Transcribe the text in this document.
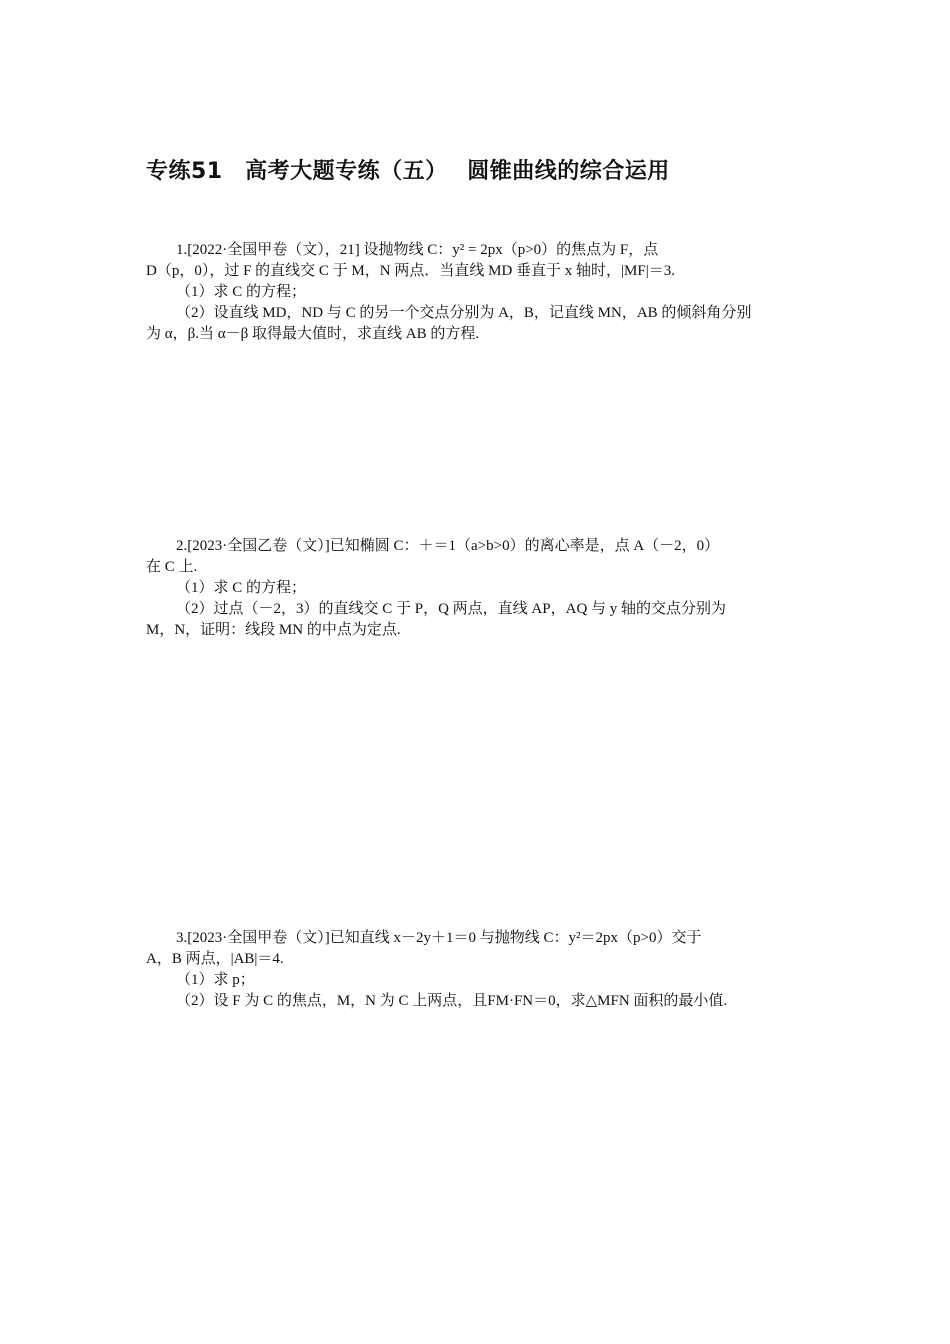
专练51　高考大题专练（五）　 圆锥曲线的综合运用

1.[2022·全国甲卷（文），21] 设抛物线 C：y² = 2px（p>0）的焦点为 F，点

D（p，0），过 F 的直线交 C 于 M，N 两点．当直线 MD 垂直于 x 轴时，|MF|＝3.

（1）求 C 的方程；

（2）设直线 MD，ND 与 C 的另一个交点分别为 A，B，记直线 MN，AB 的倾斜角分别

为 α，β.当 α－β 取得最大值时，求直线 AB 的方程.

2.[2023·全国乙卷（文）]已知椭圆 C：＋＝1（a>b>0）的离心率是，点 A（－2，0）

在 C 上.

（1）求 C 的方程；

（2）过点（－2，3）的直线交 C 于 P，Q 两点，直线 AP，AQ 与 y 轴的交点分别为

M，N，证明：线段 MN 的中点为定点.

3.[2023·全国甲卷（文）]已知直线 x－2y＋1＝0 与抛物线 C：y²＝2px（p>0）交于

A，B 两点，|AB|＝4.

（1）求 p；

（2）设 F 为 C 的焦点，M，N 为 C 上两点，且FM·FN＝0，求△MFN 面积的最小值.
